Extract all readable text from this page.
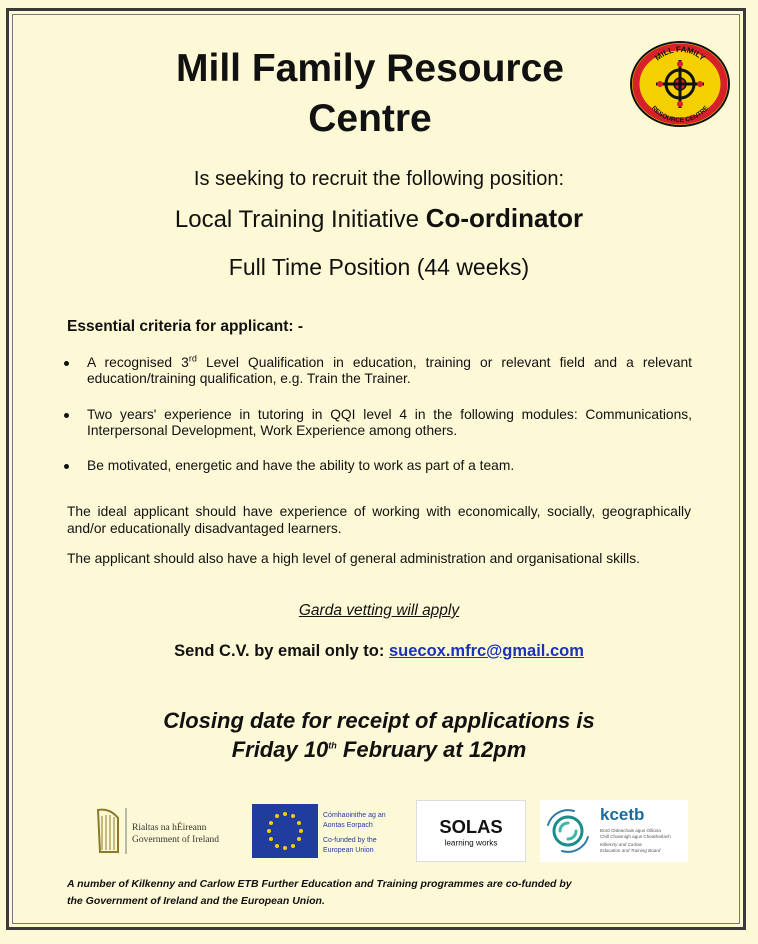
Mill Family Resource
Centre
MILL FAMILY
RESOURCE CENTRE
Is seeking to recruit the following position:
Local Training Initiative Co-ordinator
Full Time Position (44 weeks)
Essential criteria for applicant: -
A recognised 3rd Level Qualification in education, training or relevant field and a relevant education/training qualification, e.g. Train the Trainer.
Two years' experience in tutoring in QQI level 4 in the following modules: Communications, Interpersonal Development, Work Experience among others.
Be motivated, energetic and have the ability to work as part of a team.
The ideal applicant should have experience of working with economically, socially, geographically and/or educationally disadvantaged learners.
The applicant should also have a high level of general administration and organisational skills.
Garda vetting will apply
Send C.V. by email only to: suecox.mfrc@gmail.com
Closing date for receipt of applications is
Friday 10th February at 12pm
Rialtas na hÉireann
Government of Ireland
Cómhaoinithe ag an
Aontas Eorpach
Co-funded by the
European Union
SOLAS
learning works
kcetb
Bord Oideachais agus Oiliúna
Chill Chainnigh agus Cheatharlach
Kilkenny and Carlow
Education and Training Board
A number of Kilkenny and Carlow ETB Further Education and Training programmes are co-funded by
the Government of Ireland and the European Union.
